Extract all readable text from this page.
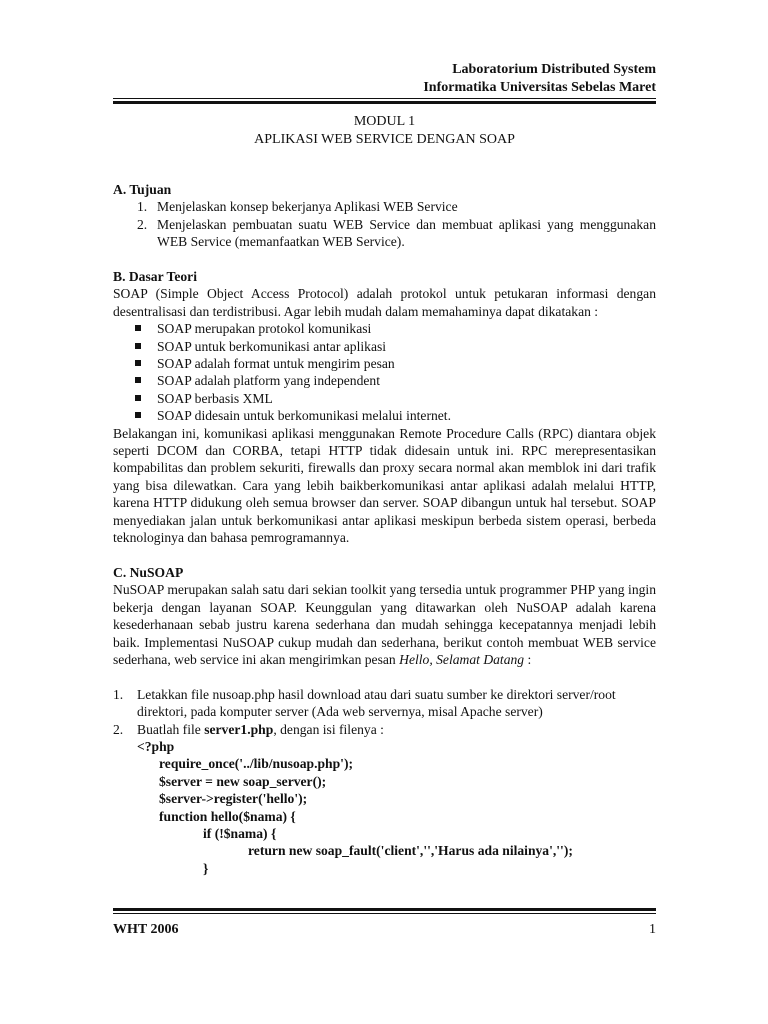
Laboratorium Distributed System
Informatika Universitas Sebelas Maret
MODUL 1
APLIKASI WEB SERVICE DENGAN SOAP
A. Tujuan
1. Menjelaskan konsep bekerjanya Aplikasi WEB Service
2. Menjelaskan pembuatan suatu WEB Service dan membuat aplikasi yang menggunakan WEB Service (memanfaatkan WEB Service).
B. Dasar Teori

SOAP (Simple Object Access Protocol) adalah protokol untuk petukaran informasi dengan desentralisasi dan terdistribusi. Agar lebih mudah dalam memahaminya dapat dikatakan :

SOAP merupakan protokol komunikasi
SOAP untuk berkomunikasi antar aplikasi
SOAP adalah format untuk mengirim pesan
SOAP adalah platform yang independent
SOAP berbasis XML
SOAP didesain untuk berkomunikasi melalui internet.

Belakangan ini, komunikasi aplikasi menggunakan Remote Procedure Calls (RPC) diantara objek seperti DCOM dan CORBA, tetapi HTTP tidak didesain untuk ini. RPC merepresentasikan kompabilitas dan problem sekuriti, firewalls dan proxy secara normal akan memblok ini dari trafik yang bisa dilewatkan. Cara yang lebih baikberkomunikasi antar aplikasi adalah melalui HTTP, karena HTTP didukung oleh semua browser dan server. SOAP dibangun untuk hal tersebut. SOAP menyediakan jalan untuk berkomunikasi antar aplikasi meskipun berbeda sistem operasi, berbeda teknologinya dan bahasa pemrogramannya.

C. NuSOAP

NuSOAP merupakan salah satu dari sekian toolkit yang tersedia untuk programmer PHP yang ingin bekerja dengan layanan SOAP. Keunggulan yang ditawarkan oleh NuSOAP adalah karena kesederhanaan sebab justru karena sederhana dan mudah sehingga kecepatannya menjadi lebih baik. Implementasi NuSOAP cukup mudah dan sederhana, berikut contoh membuat WEB service sederhana, web service ini akan mengirimkan pesan Hello, Selamat Datang :

1. Letakkan file nusoap.php hasil download atau dari suatu sumber ke direktori server/root direktori, pada komputer server (Ada web servernya, misal Apache server)
2. Buatlah file server1.php, dengan isi filenya :
<?php
require_once('../lib/nusoap.php');
$server = new soap_server();
$server->register('hello');
function hello($nama) {
if (!$nama) {
return new soap_fault('client','','Harus ada nilainya','');
}
WHT 2006	1
